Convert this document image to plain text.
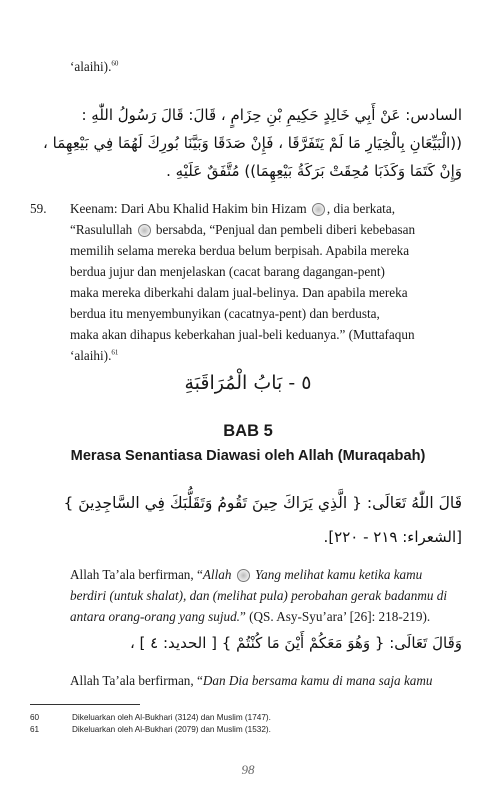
‘alaihi).$^{60}$
السادس: عَنْ أَبِي خَالِدٍ حَكِيمِ بْنِ حِزَامٍ ، قَالَ: قَالَ رَسُولُ اللّٰهِ :
((الْبَيِّعَانِ بِالْخِيَارِ مَا لَمْ يَتَفَرَّقَا ، فَإِنْ صَدَقَا وَبَيَّنَا بُورِكَ لَهُمَا فِي بَيْعِهِمَا ،
وَإِنْ كَتَمَا وَكَذَبَا مُحِقَتْ بَرَكَةُ بَيْعِهِمَا)) مُتَّفَقٌ عَلَيْهِ .
59. Keenam: Dari Abu Khalid Hakim bin Hizam , dia berkata,
“Rasulullah bersabda, “Penjual dan pembeli diberi kebebasan
memilih selama mereka berdua belum berpisah. Apabila mereka
berdua jujur dan menjelaskan (cacat barang dagangan-pent)
maka mereka diberkahi dalam jual-belinya. Dan apabila mereka
berdua itu menyembunyikan (cacatnya-pent) dan berdusta,
maka akan dihapus keberkahan jual-beli keduanya.” (Muttafaqun
‘alaihi).$^{61}$
٥ - بَابُ الْمُرَاقَبَةِ
BAB 5
Merasa Senantiasa Diawasi oleh Allah (Muraqabah)
قَالَ اللّٰهُ تَعَالَى: { الَّذِي يَرَاكَ حِينَ تَقُومُ وَتَقَلُّبَكَ فِي السَّاجِدِينَ }
[الشعراء: ٢١٩ - ٢٢٠].
Allah Ta’ala berfirman, “Allah Yang melihat kamu ketika kamu
berdiri (untuk shalat), dan (melihat pula) perobahan gerak badanmu di
antara orang-orang yang sujud.” (QS. Asy-Syu’ara’ [26]: 218-219).
وَقَالَ تَعَالَى: { وَهُوَ مَعَكُمْ أَيْنَ مَا كُنْتُمْ } [ الحديد: ٤ ] ،
Allah Ta’ala berfirman, “Dan Dia bersama kamu di mana saja kamu
60	Dikeluarkan oleh Al-Bukhari (3124) dan Muslim (1747).
61	Dikeluarkan oleh Al-Bukhari (2079) dan Muslim (1532).
98
